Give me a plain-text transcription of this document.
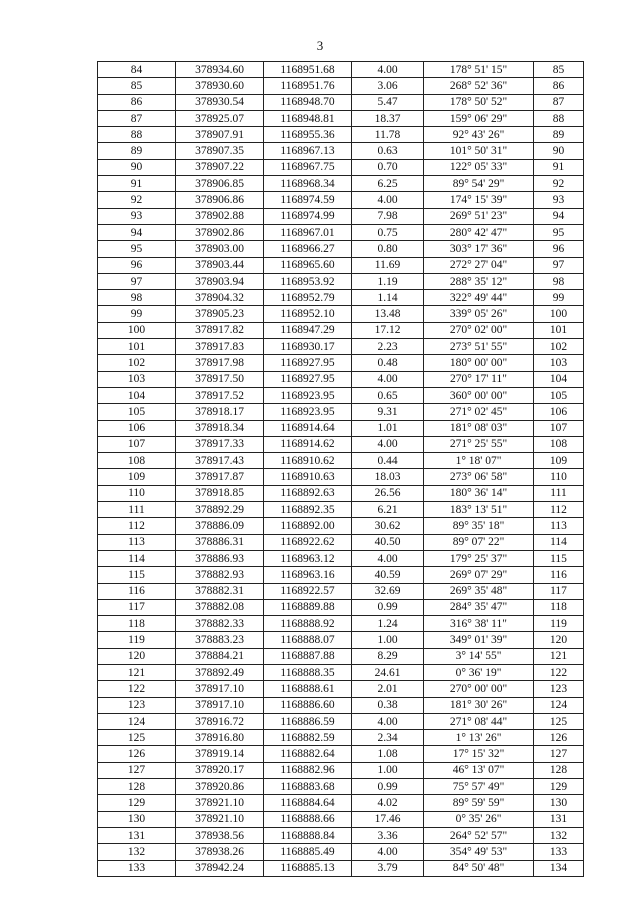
3
84	378934.60	1168951.68	4.00	178° 51' 15"	85
85	378930.60	1168951.76	3.06	268° 52' 36"	86
86	378930.54	1168948.70	5.47	178° 50' 52"	87
87	378925.07	1168948.81	18.37	159° 06' 29"	88
88	378907.91	1168955.36	11.78	92° 43' 26"	89
89	378907.35	1168967.13	0.63	101° 50' 31"	90
90	378907.22	1168967.75	0.70	122° 05' 33"	91
91	378906.85	1168968.34	6.25	89° 54' 29"	92
92	378906.86	1168974.59	4.00	174° 15' 39"	93
93	378902.88	1168974.99	7.98	269° 51' 23"	94
94	378902.86	1168967.01	0.75	280° 42' 47"	95
95	378903.00	1168966.27	0.80	303° 17' 36"	96
96	378903.44	1168965.60	11.69	272° 27' 04"	97
97	378903.94	1168953.92	1.19	288° 35' 12"	98
98	378904.32	1168952.79	1.14	322° 49' 44"	99
99	378905.23	1168952.10	13.48	339° 05' 26"	100
100	378917.82	1168947.29	17.12	270° 02' 00"	101
101	378917.83	1168930.17	2.23	273° 51' 55"	102
102	378917.98	1168927.95	0.48	180° 00' 00"	103
103	378917.50	1168927.95	4.00	270° 17' 11"	104
104	378917.52	1168923.95	0.65	360° 00' 00"	105
105	378918.17	1168923.95	9.31	271° 02' 45"	106
106	378918.34	1168914.64	1.01	181° 08' 03"	107
107	378917.33	1168914.62	4.00	271° 25' 55"	108
108	378917.43	1168910.62	0.44	1° 18' 07"	109
109	378917.87	1168910.63	18.03	273° 06' 58"	110
110	378918.85	1168892.63	26.56	180° 36' 14"	111
111	378892.29	1168892.35	6.21	183° 13' 51"	112
112	378886.09	1168892.00	30.62	89° 35' 18"	113
113	378886.31	1168922.62	40.50	89° 07' 22"	114
114	378886.93	1168963.12	4.00	179° 25' 37"	115
115	378882.93	1168963.16	40.59	269° 07' 29"	116
116	378882.31	1168922.57	32.69	269° 35' 48"	117
117	378882.08	1168889.88	0.99	284° 35' 47"	118
118	378882.33	1168888.92	1.24	316° 38' 11"	119
119	378883.23	1168888.07	1.00	349° 01' 39"	120
120	378884.21	1168887.88	8.29	3° 14' 55"	121
121	378892.49	1168888.35	24.61	0° 36' 19"	122
122	378917.10	1168888.61	2.01	270° 00' 00"	123
123	378917.10	1168886.60	0.38	181° 30' 26"	124
124	378916.72	1168886.59	4.00	271° 08' 44"	125
125	378916.80	1168882.59	2.34	1° 13' 26"	126
126	378919.14	1168882.64	1.08	17° 15' 32"	127
127	378920.17	1168882.96	1.00	46° 13' 07"	128
128	378920.86	1168883.68	0.99	75° 57' 49"	129
129	378921.10	1168884.64	4.02	89° 59' 59"	130
130	378921.10	1168888.66	17.46	0° 35' 26"	131
131	378938.56	1168888.84	3.36	264° 52' 57"	132
132	378938.26	1168885.49	4.00	354° 49' 53"	133
133	378942.24	1168885.13	3.79	84° 50' 48"	134
